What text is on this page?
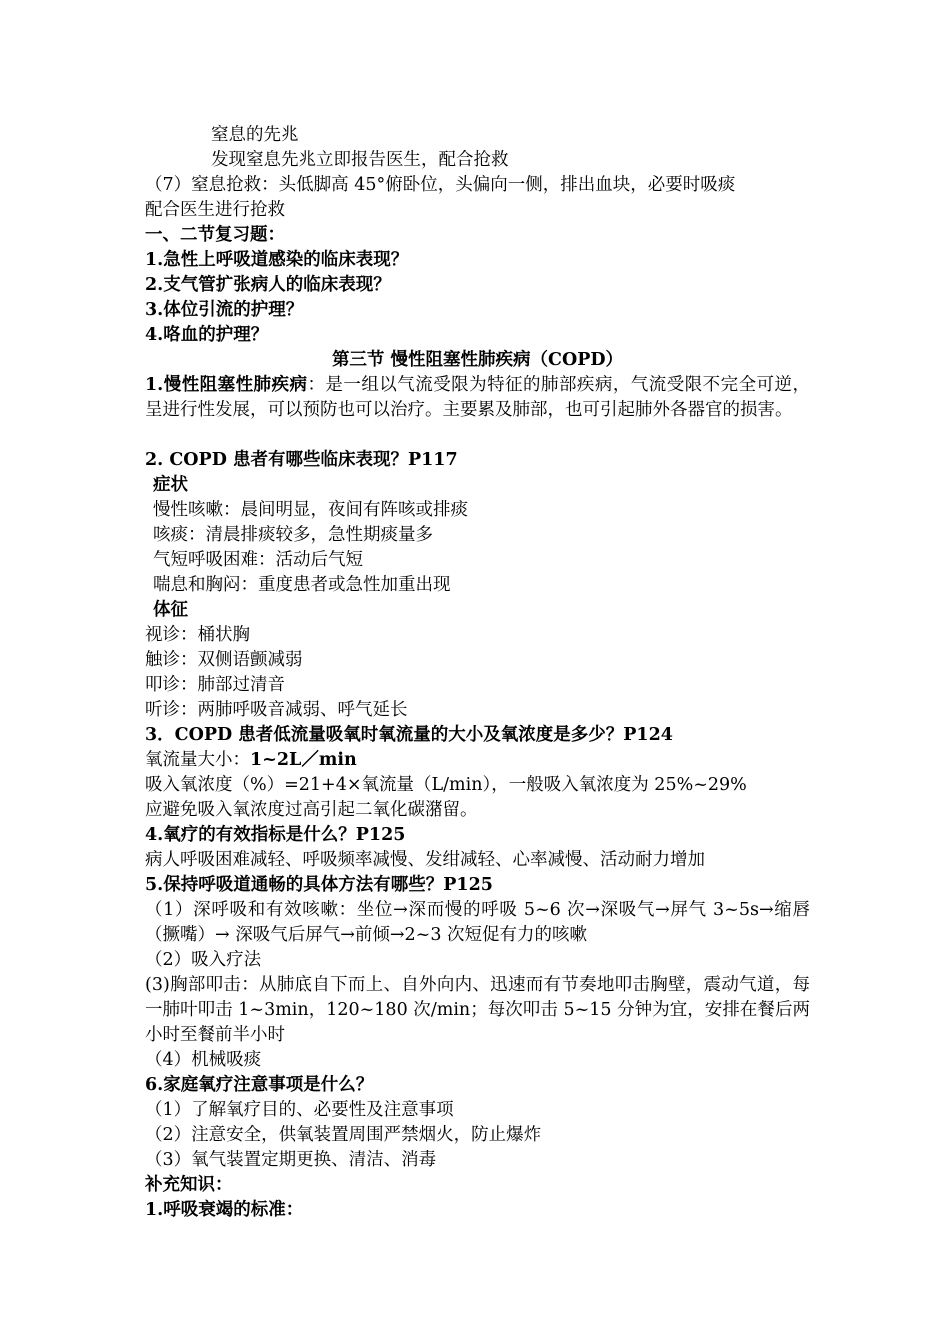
窒息的先兆
发现窒息先兆立即报告医生，配合抢救
（7）窒息抢救：头低脚高 45°俯卧位，头偏向一侧，排出血块，必要时吸痰
配合医生进行抢救
一、二节复习题：
1.急性上呼吸道感染的临床表现？
2.支气管扩张病人的临床表现？
3.体位引流的护理？
4.咯血的护理？
第三节 慢性阻塞性肺疾病（COPD）
1.慢性阻塞性肺疾病：是一组以气流受限为特征的肺部疾病，气流受限不完全可逆，呈进行性发展，可以预防也可以治疗。主要累及肺部，也可引起肺外各器官的损害。
2. COPD 患者有哪些临床表现？P117
症状
慢性咳嗽：晨间明显，夜间有阵咳或排痰
咳痰：清晨排痰较多，急性期痰量多
气短呼吸困难：活动后气短
喘息和胸闷：重度患者或急性加重出现
体征
视诊：桶状胸
触诊：双侧语颤减弱
叩诊：肺部过清音
听诊：两肺呼吸音减弱、呼气延长
3．COPD 患者低流量吸氧时氧流量的大小及氧浓度是多少？P124
氧流量大小：1~2L／min
吸入氧浓度（%）=21+4×氧流量（L/min），一般吸入氧浓度为 25%~29%
应避免吸入氧浓度过高引起二氧化碳潴留。
4.氧疗的有效指标是什么？P125
病人呼吸困难减轻、呼吸频率减慢、发绀减轻、心率减慢、活动耐力增加
5.保持呼吸道通畅的具体方法有哪些？P125
（1）深呼吸和有效咳嗽：坐位→深而慢的呼吸 5~6 次→深吸气→屏气 3~5s→缩唇（撅嘴）→ 深吸气后屏气→前倾→2~3 次短促有力的咳嗽
（2）吸入疗法
(3)胸部叩击：从肺底自下而上、自外向内、迅速而有节奏地叩击胸壁，震动气道，每一肺叶叩击 1~3min，120~180 次/min；每次叩击 5~15 分钟为宜，安排在餐后两小时至餐前半小时
（4）机械吸痰
6.家庭氧疗注意事项是什么？
（1）了解氧疗目的、必要性及注意事项
（2）注意安全，供氧装置周围严禁烟火，防止爆炸
（3）氧气装置定期更换、清洁、消毒
补充知识：
1.呼吸衰竭的标准：
